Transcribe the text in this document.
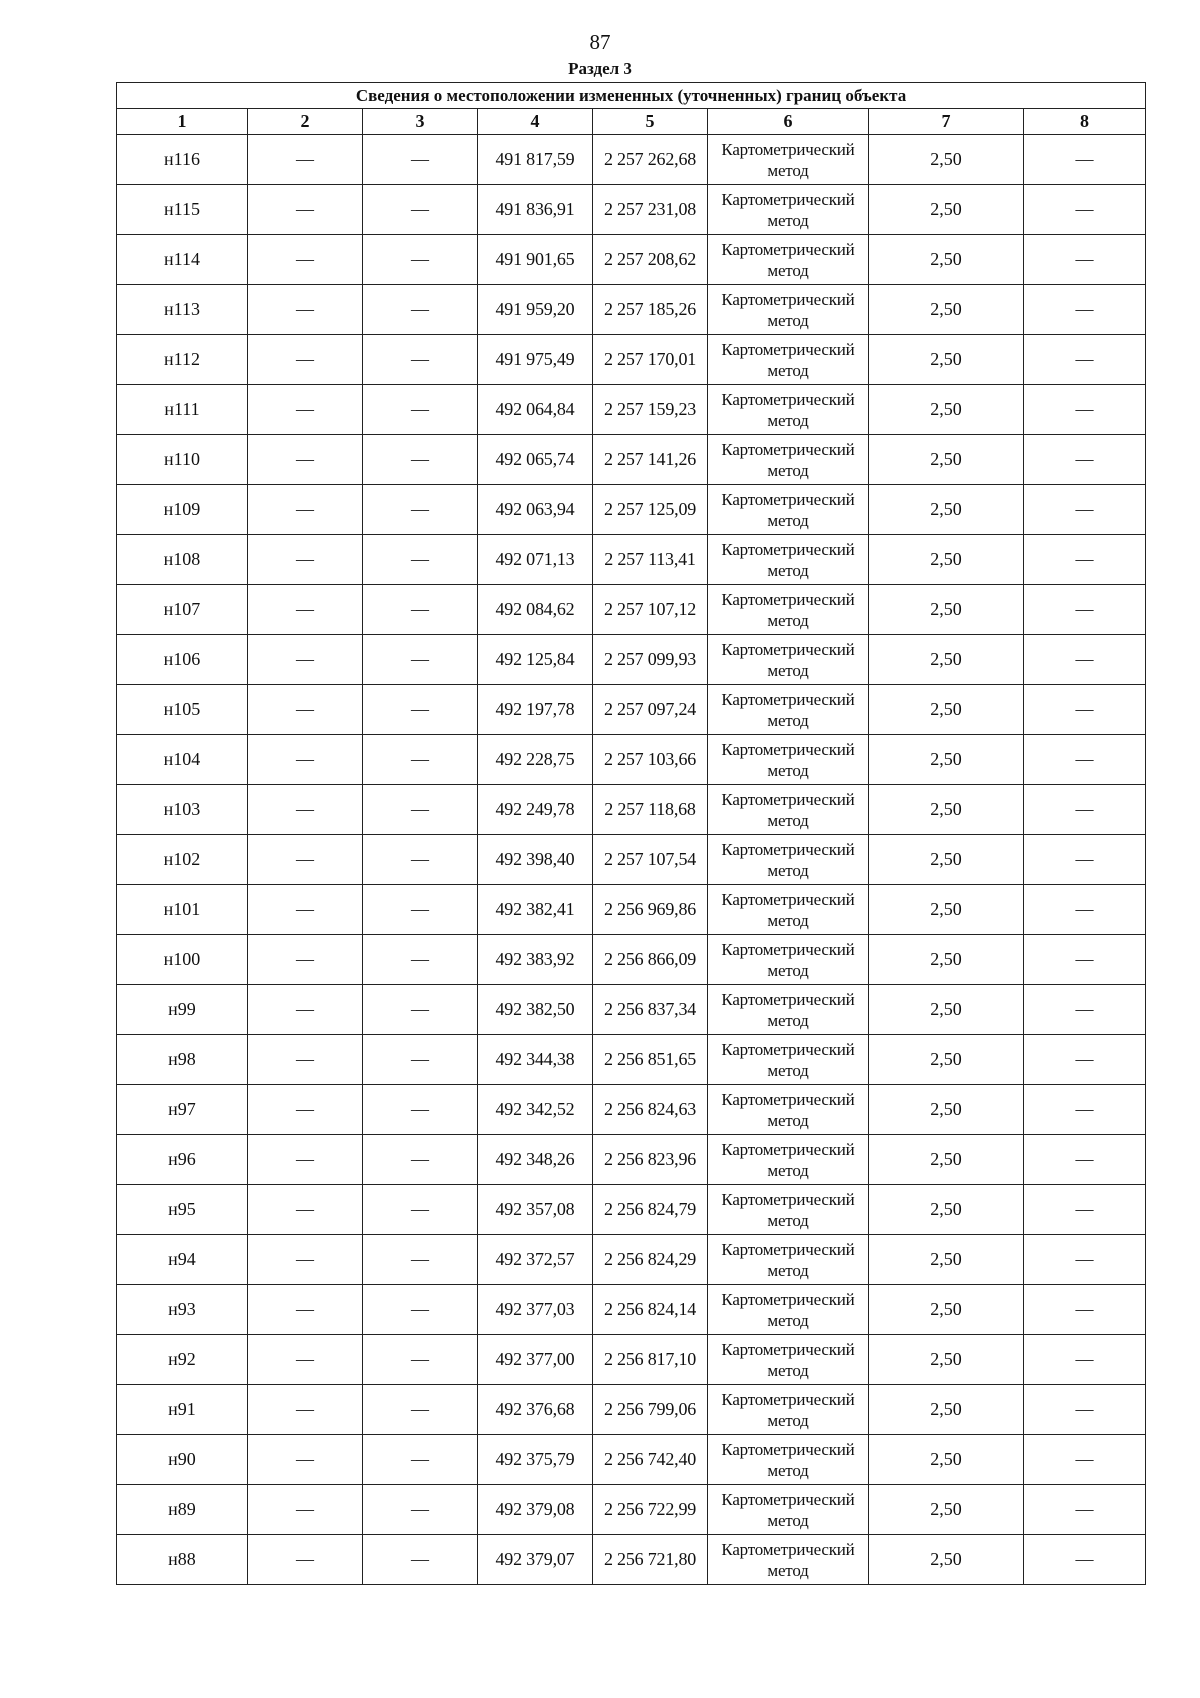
87
Раздел 3
Сведения о местоположении измененных (уточненных) границ объекта							
1	2	3	4	5	6	7	8
н116	—	—	491 817,59	2 257 262,68	Картометрический метод	2,50	—
н115	—	—	491 836,91	2 257 231,08	Картометрический метод	2,50	—
н114	—	—	491 901,65	2 257 208,62	Картометрический метод	2,50	—
н113	—	—	491 959,20	2 257 185,26	Картометрический метод	2,50	—
н112	—	—	491 975,49	2 257 170,01	Картометрический метод	2,50	—
н111	—	—	492 064,84	2 257 159,23	Картометрический метод	2,50	—
н110	—	—	492 065,74	2 257 141,26	Картометрический метод	2,50	—
н109	—	—	492 063,94	2 257 125,09	Картометрический метод	2,50	—
н108	—	—	492 071,13	2 257 113,41	Картометрический метод	2,50	—
н107	—	—	492 084,62	2 257 107,12	Картометрический метод	2,50	—
н106	—	—	492 125,84	2 257 099,93	Картометрический метод	2,50	—
н105	—	—	492 197,78	2 257 097,24	Картометрический метод	2,50	—
н104	—	—	492 228,75	2 257 103,66	Картометрический метод	2,50	—
н103	—	—	492 249,78	2 257 118,68	Картометрический метод	2,50	—
н102	—	—	492 398,40	2 257 107,54	Картометрический метод	2,50	—
н101	—	—	492 382,41	2 256 969,86	Картометрический метод	2,50	—
н100	—	—	492 383,92	2 256 866,09	Картометрический метод	2,50	—
н99	—	—	492 382,50	2 256 837,34	Картометрический метод	2,50	—
н98	—	—	492 344,38	2 256 851,65	Картометрический метод	2,50	—
н97	—	—	492 342,52	2 256 824,63	Картометрический метод	2,50	—
н96	—	—	492 348,26	2 256 823,96	Картометрический метод	2,50	—
н95	—	—	492 357,08	2 256 824,79	Картометрический метод	2,50	—
н94	—	—	492 372,57	2 256 824,29	Картометрический метод	2,50	—
н93	—	—	492 377,03	2 256 824,14	Картометрический метод	2,50	—
н92	—	—	492 377,00	2 256 817,10	Картометрический метод	2,50	—
н91	—	—	492 376,68	2 256 799,06	Картометрический метод	2,50	—
н90	—	—	492 375,79	2 256 742,40	Картометрический метод	2,50	—
н89	—	—	492 379,08	2 256 722,99	Картометрический метод	2,50	—
н88	—	—	492 379,07	2 256 721,80	Картометрический метод	2,50	—
